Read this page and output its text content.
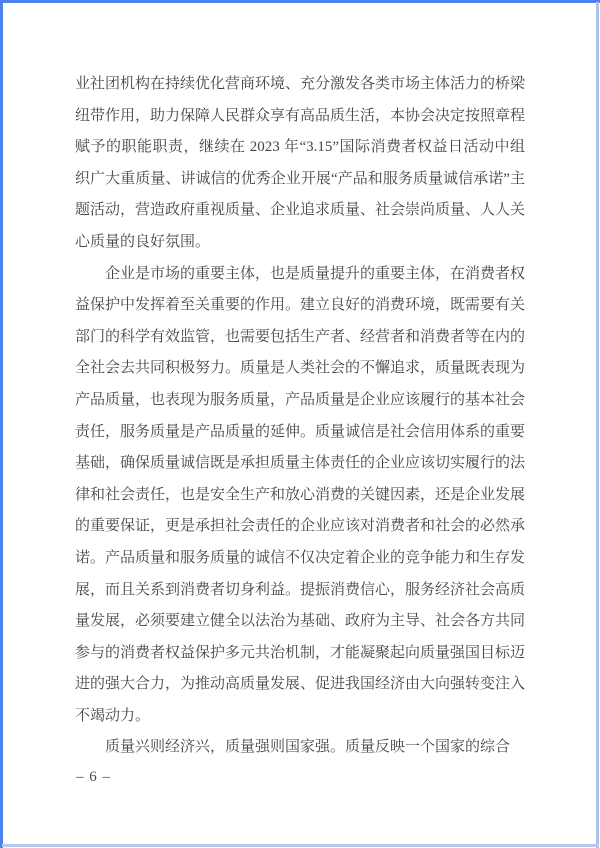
业社团机构在持续优化营商环境、充分激发各类市场主体活力的桥梁纽带作用，助力保障人民群众享有高品质生活，本协会决定按照章程赋予的职能职责，继续在 2023 年“3.15”国际消费者权益日活动中组织广大重质量、讲诚信的优秀企业开展“产品和服务质量诚信承诺”主题活动，营造政府重视质量、企业追求质量、社会崇尚质量、人人关心质量的良好氛围。

企业是市场的重要主体，也是质量提升的重要主体，在消费者权益保护中发挥着至关重要的作用。建立良好的消费环境，既需要有关部门的科学有效监管，也需要包括生产者、经营者和消费者等在内的全社会去共同积极努力。质量是人类社会的不懈追求，质量既表现为产品质量，也表现为服务质量，产品质量是企业应该履行的基本社会责任，服务质量是产品质量的延伸。质量诚信是社会信用体系的重要基础，确保质量诚信既是承担质量主体责任的企业应该切实履行的法律和社会责任，也是安全生产和放心消费的关键因素，还是企业发展的重要保证，更是承担社会责任的企业应该对消费者和社会的必然承诺。产品质量和服务质量的诚信不仅决定着企业的竞争能力和生存发展，而且关系到消费者切身利益。提振消费信心，服务经济社会高质量发展，必须要建立健全以法治为基础、政府为主导、社会各方共同参与的消费者权益保护多元共治机制，才能凝聚起向质量强国目标迈进的强大合力，为推动高质量发展、促进我国经济由大向强转变注入不竭动力。

质量兴则经济兴，质量强则国家强。质量反映一个国家的综合

– 6 –
